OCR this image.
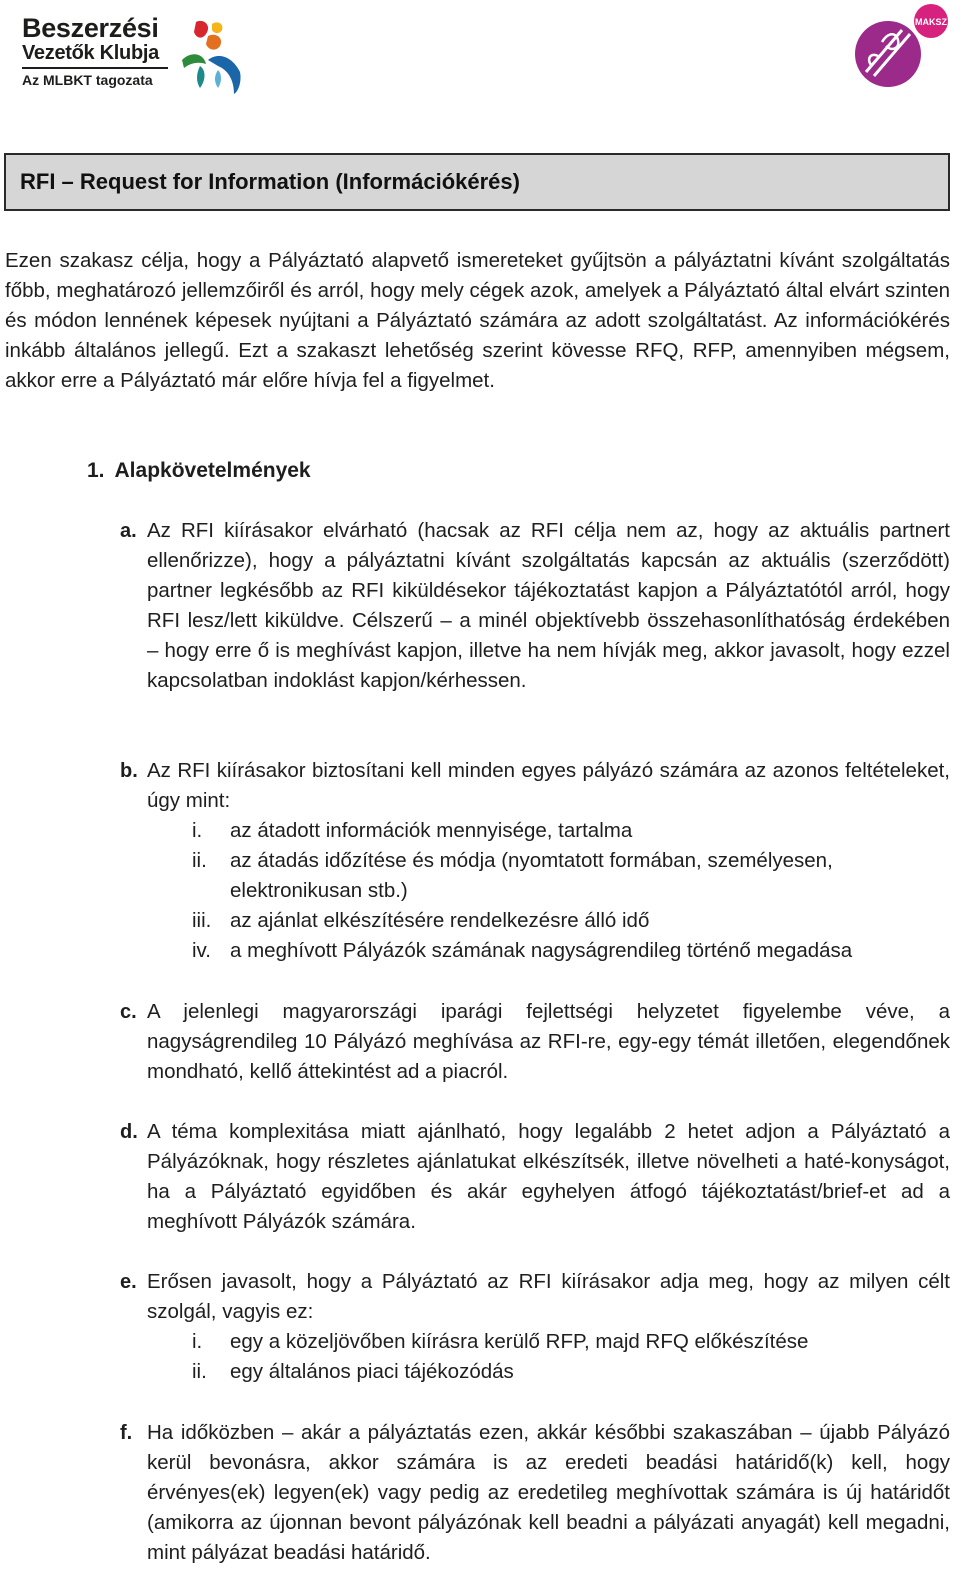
Beszerzési
Vezetők Klubja
Az MLBKT tagozata
MAKSZ
RFI – Request for Information (Információkérés)
Ezen szakasz célja, hogy a Pályáztató alapvető ismereteket gyűjtsön a pályáztatni kívánt szolgáltatás főbb, meghatározó jellemzőiről és arról, hogy mely cégek azok, amelyek a Pályáztató által elvárt szinten és módon lennének képesek nyújtani a Pályáztató számára az adott szolgáltatást. Az információkérés inkább általános jellegű. Ezt a szakaszt lehetőség szerint kövesse RFQ, RFP, amennyiben mégsem, akkor erre a Pályáztató már előre hívja fel a figyelmet.
1. Alapkövetelmények
a. Az RFI kiírásakor elvárható (hacsak az RFI célja nem az, hogy az aktuális partnert ellenőrizze), hogy a pályáztatni kívánt szolgáltatás kapcsán az aktuális (szerződött) partner legkésőbb az RFI kiküldésekor tájékoztatást kapjon a Pályáztatótól arról, hogy RFI lesz/lett kiküldve. Célszerű – a minél objektívebb összehasonlíthatóság érdekében – hogy erre ő is meghívást kapjon, illetve ha nem hívják meg, akkor javasolt, hogy ezzel kapcsolatban indoklást kapjon/kérhessen.
b. Az RFI kiírásakor biztosítani kell minden egyes pályázó számára az azonos feltételeket, úgy mint:
i. az átadott információk mennyisége, tartalma
ii. az átadás időzítése és módja (nyomtatott formában, személyesen, elektronikusan stb.)
iii. az ajánlat elkészítésére rendelkezésre álló idő
iv. a meghívott Pályázók számának nagyságrendileg történő megadása
c. A jelenlegi magyarországi iparági fejlettségi helyzetet figyelembe véve, a nagyságrendileg 10 Pályázó meghívása az RFI-re, egy-egy témát illetően, elegendőnek mondható, kellő áttekintést ad a piacról.
d. A téma komplexitása miatt ajánlható, hogy legalább 2 hetet adjon a Pályáztató a Pályázóknak, hogy részletes ajánlatukat elkészítsék, illetve növelheti a haté-konyságot, ha a Pályáztató egyidőben és akár egyhelyen átfogó tájékoztatást/brief-et ad a meghívott Pályázók számára.
e. Erősen javasolt, hogy a Pályáztató az RFI kiírásakor adja meg, hogy az milyen célt szolgál, vagyis ez:
i. egy a közeljövőben kiírásra kerülő RFP, majd RFQ előkészítése
ii. egy általános piaci tájékozódás
f. Ha időközben – akár a pályáztatás ezen, akkár későbbi szakaszában – újabb Pályázó kerül bevonásra, akkor számára is az eredeti beadási határidő(k) kell, hogy érvényes(ek) legyen(ek) vagy pedig az eredetileg meghívottak számára is új határidőt (amikorra az újonnan bevont pályázónak kell beadni a pályázati anyagát) kell megadni, mint pályázat beadási határidő.
